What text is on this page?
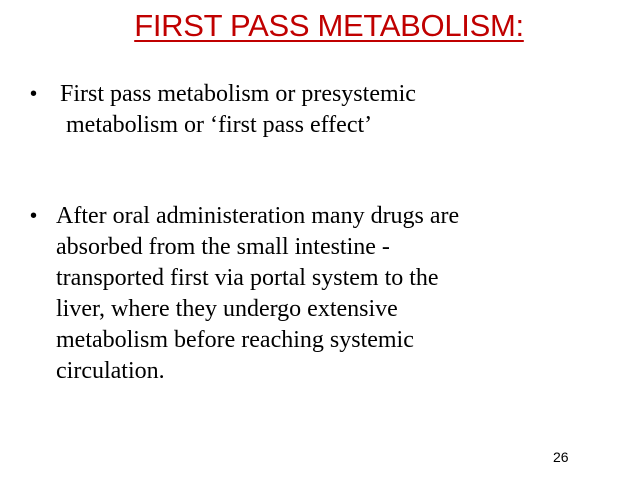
FIRST PASS METABOLISM:
• First pass metabolism or presystemic
metabolism or ‘first pass effect’
• After oral administeration many drugs are
absorbed from the small intestine -
transported first via portal system to the
liver, where they undergo extensive
metabolism before reaching systemic
circulation.
26
